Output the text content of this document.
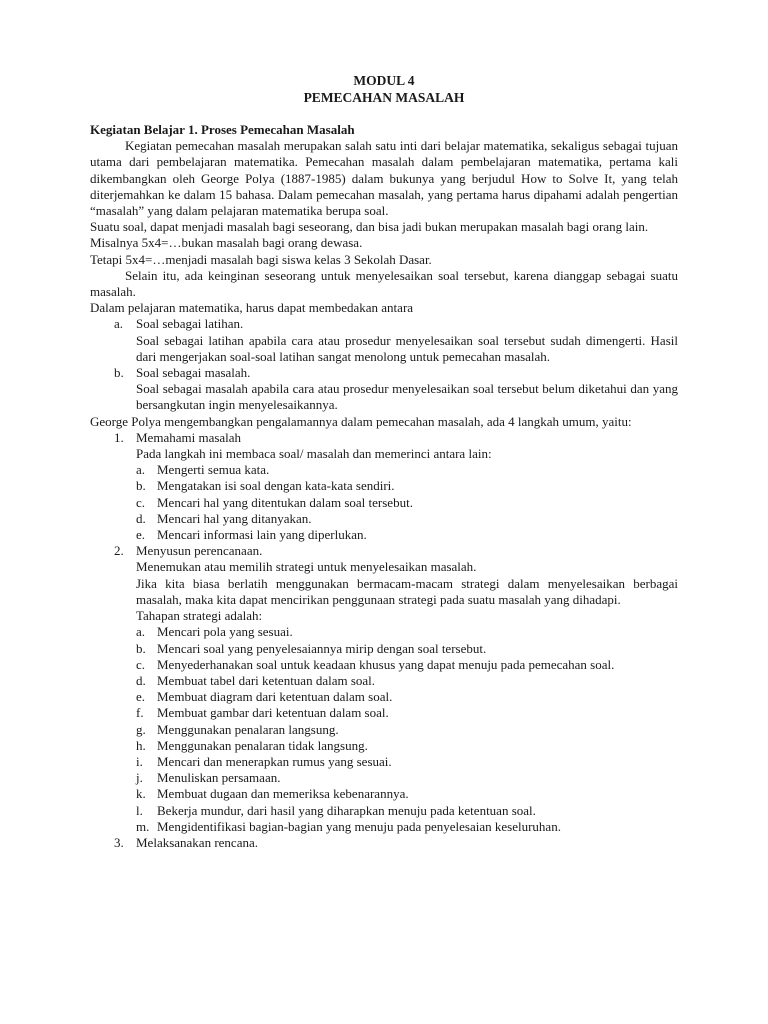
MODUL 4
PEMECAHAN MASALAH
Kegiatan Belajar 1. Proses Pemecahan Masalah

Kegiatan pemecahan masalah merupakan salah satu inti dari belajar matematika, sekaligus sebagai tujuan utama dari pembelajaran matematika. Pemecahan masalah dalam pembelajaran matematika, pertama kali dikembangkan oleh George Polya (1887-1985) dalam bukunya yang berjudul How to Solve It, yang telah diterjemahkan ke dalam 15 bahasa. Dalam pemecahan masalah, yang pertama harus dipahami adalah pengertian “masalah” yang dalam pelajaran matematika berupa soal.

Suatu soal, dapat menjadi masalah bagi seseorang, dan bisa jadi bukan merupakan masalah bagi orang lain.

Misalnya 5x4=…bukan masalah bagi orang dewasa.

Tetapi 5x4=…menjadi masalah bagi siswa kelas 3 Sekolah Dasar.

Selain itu, ada keinginan seseorang untuk menyelesaikan soal tersebut, karena dianggap sebagai suatu masalah.

Dalam pelajaran matematika, harus dapat membedakan antara

a. Soal sebagai latihan.

Soal sebagai latihan apabila cara atau prosedur menyelesaikan soal tersebut sudah dimengerti. Hasil dari mengerjakan soal-soal latihan sangat menolong untuk pemecahan masalah.

b. Soal sebagai masalah.

Soal sebagai masalah apabila cara atau prosedur menyelesaikan soal tersebut belum diketahui dan yang bersangkutan ingin menyelesaikannya.

George Polya mengembangkan pengalamannya dalam pemecahan masalah, ada 4 langkah umum, yaitu:

1. Memahami masalah

Pada langkah ini membaca soal/ masalah dan memerinci antara lain:

a. Mengerti semua kata.
b. Mengatakan isi soal dengan kata-kata sendiri.
c. Mencari hal yang ditentukan dalam soal tersebut.
d. Mencari hal yang ditanyakan.
e. Mencari informasi lain yang diperlukan.
2. Menyusun perencanaan.

Menemukan atau memilih strategi untuk menyelesaikan masalah.

Jika kita biasa berlatih menggunakan bermacam-macam strategi dalam menyelesaikan berbagai masalah, maka kita dapat mencirikan penggunaan strategi pada suatu masalah yang dihadapi.

Tahapan strategi adalah:

a. Mencari pola yang sesuai.
b. Mencari soal yang penyelesaiannya mirip dengan soal tersebut.
c. Menyederhanakan soal untuk keadaan khusus yang dapat menuju pada pemecahan soal.
d. Membuat tabel dari ketentuan dalam soal.
e. Membuat diagram dari ketentuan dalam soal.
f.	Membuat gambar dari ketentuan dalam soal.
g. Menggunakan penalaran langsung.
h. Menggunakan penalaran tidak langsung.
i.	Mencari dan menerapkan rumus yang sesuai.
j.	Menuliskan persamaan.
k. Membuat dugaan dan memeriksa kebenarannya.
l.	Bekerja mundur, dari hasil yang diharapkan menuju pada ketentuan soal.
m. Mengidentifikasi bagian-bagian yang menuju pada penyelesaian keseluruhan.
3. Melaksanakan rencana.
